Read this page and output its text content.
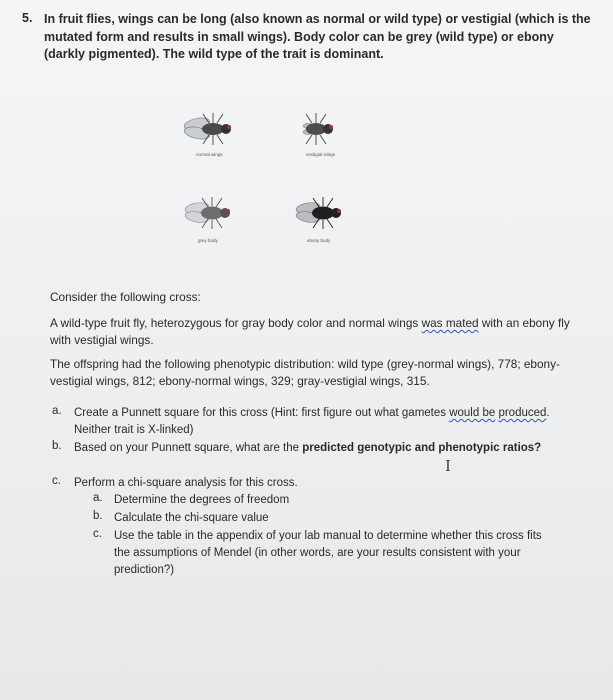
5. In fruit flies, wings can be long (also known as normal or wild type) or vestigial (which is the mutated form and results in small wings). Body color can be grey (wild type) or ebony (darkly pigmented). The wild type of the trait is dominant.

normal wings	vestigial wings
grey body	ebony body

Consider the following cross:

A wild-type fruit fly, heterozygous for gray body color and normal wings was mated with an ebony fly with vestigial wings.

The offspring had the following phenotypic distribution: wild type (grey-normal wings), 778; ebony-vestigial wings, 812; ebony-normal wings, 329; gray-vestigial wings, 315.

a. Create a Punnett square for this cross (Hint: first figure out what gametes would be produced. Neither trait is X-linked)

b. Based on your Punnett square, what are the predicted genotypic and phenotypic ratios?

I
c. Perform a chi-square analysis for this cross.

a. Determine the degrees of freedom

b. Calculate the chi-square value

c. Use the table in the appendix of your lab manual to determine whether this cross fits the assumptions of Mendel (in other words, are your results consistent with your prediction?)
